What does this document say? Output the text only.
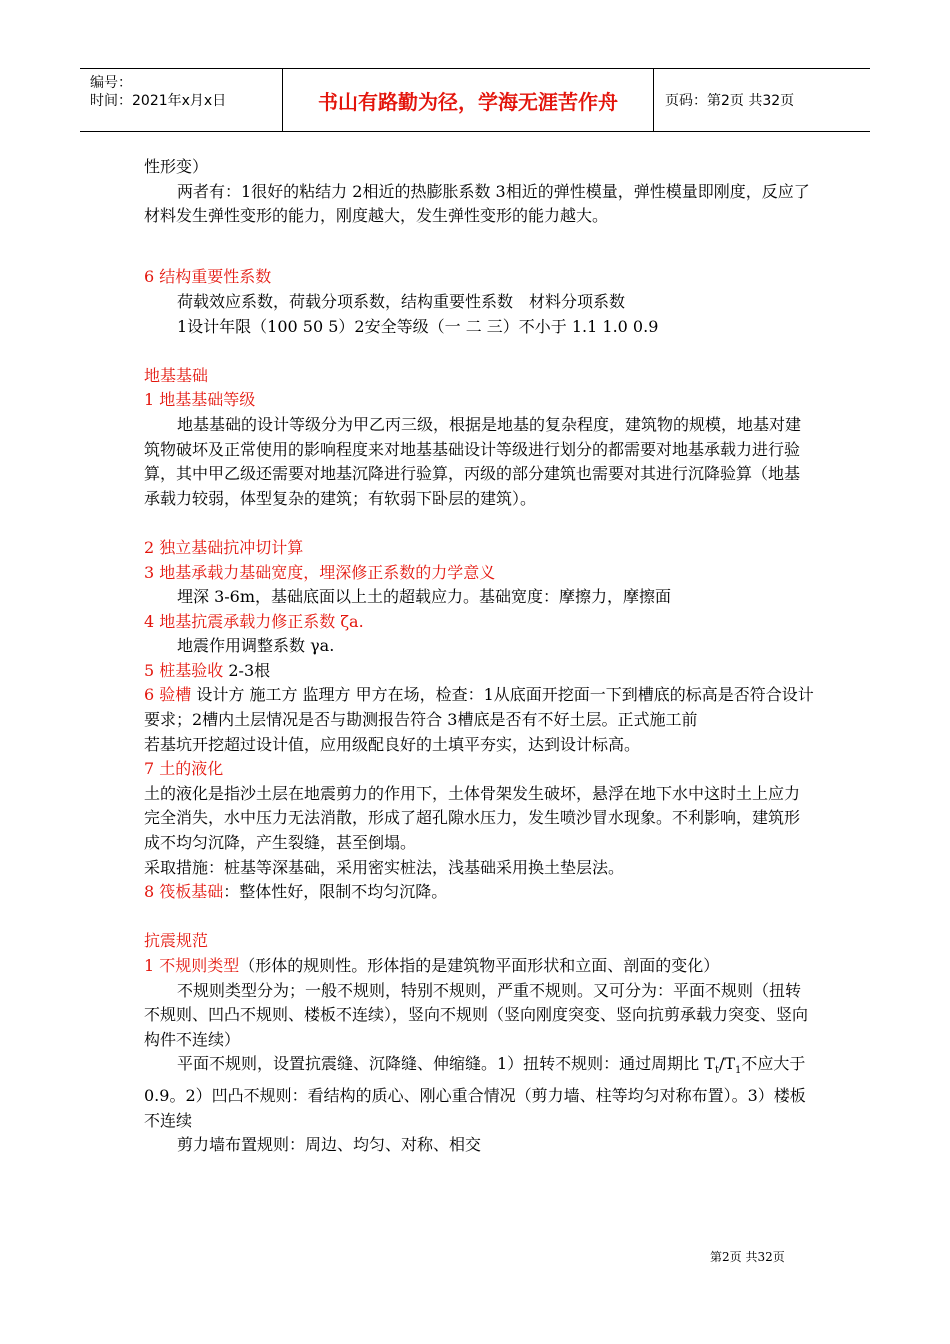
编号：
时间：2021年x月x日	书山有路勤为径，学海无涯苦作舟	页码：第2页 共32页

性形变）

两者有：1很好的粘结力 2相近的热膨胀系数 3相近的弹性模量，弹性模量即刚度，反应了材料发生弹性变形的能力，刚度越大，发生弹性变形的能力越大。

6 结构重要性系数

荷载效应系数，荷载分项系数，结构重要性系数　材料分项系数

1设计年限（100 50 5）2安全等级（一 二 三）不小于 1.1 1.0 0.9

地基基础

1 地基基础等级

地基基础的设计等级分为甲乙丙三级，根据是地基的复杂程度，建筑物的规模，地基对建筑物破坏及正常使用的影响程度来对地基基础设计等级进行划分的都需要对地基承载力进行验算，其中甲乙级还需要对地基沉降进行验算，丙级的部分建筑也需要对其进行沉降验算（地基承载力较弱，体型复杂的建筑；有软弱下卧层的建筑）。

2 独立基础抗冲切计算

3 地基承载力基础宽度，埋深修正系数的力学意义

埋深 3-6m，基础底面以上土的超载应力。基础宽度：摩擦力，摩擦面

4 地基抗震承载力修正系数 ζa.

地震作用调整系数 γa.

5 桩基验收 2-3根

6 验槽 设计方 施工方 监理方 甲方在场，检查：1从底面开挖面一下到槽底的标高是否符合设计要求；2槽内土层情况是否与勘测报告符合 3槽底是否有不好土层。正式施工前

若基坑开挖超过设计值，应用级配良好的土填平夯实，达到设计标高。

7 土的液化

土的液化是指沙土层在地震剪力的作用下，土体骨架发生破坏，悬浮在地下水中这时土上应力完全消失，水中压力无法消散，形成了超孔隙水压力，发生喷沙冒水现象。不利影响，建筑形成不均匀沉降，产生裂缝，甚至倒塌。

采取措施：桩基等深基础，采用密实桩法，浅基础采用换土垫层法。

8 筏板基础：整体性好，限制不均匀沉降。

抗震规范

1 不规则类型（形体的规则性。形体指的是建筑物平面形状和立面、剖面的变化）

不规则类型分为；一般不规则，特别不规则，严重不规则。又可分为：平面不规则（扭转不规则、凹凸不规则、楼板不连续），竖向不规则（竖向刚度突变、竖向抗剪承载力突变、竖向构件不连续）

平面不规则，设置抗震缝、沉降缝、伸缩缝。1）扭转不规则：通过周期比 $T_t/T_1$不应大于 0.9。2）凹凸不规则：看结构的质心、刚心重合情况（剪力墙、柱等均匀对称布置）。3）楼板不连续

剪力墙布置规则：周边、均匀、对称、相交

第2页 共32页
